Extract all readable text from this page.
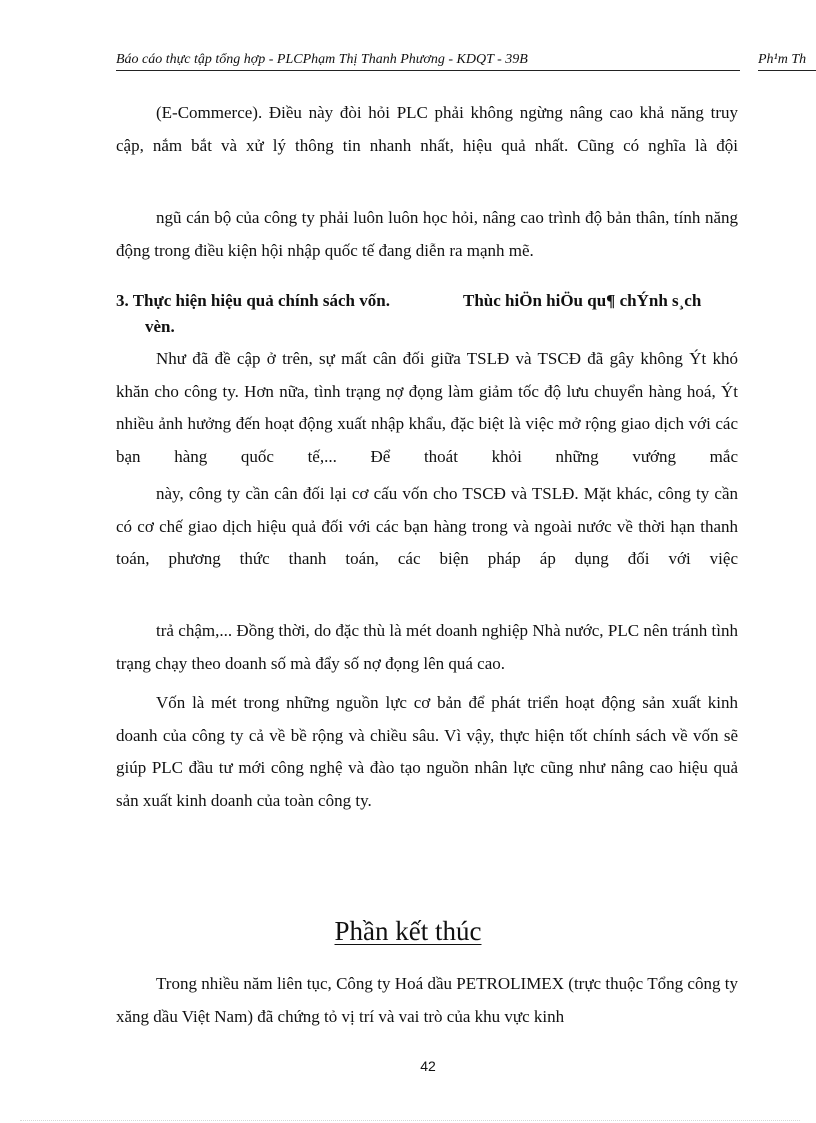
Báo cáo thực tập tổng hợp - PLCPhạm Thị Thanh Phương - KDQT - 39B	Ph¹m Th
(E-Commerce). Điều này đòi hỏi PLC phải không ngừng nâng cao khả năng truy cập, nắm bắt và xử lý thông tin nhanh nhất, hiệu quả nhất. Cũng có nghĩa là đội
ngũ cán bộ của công ty phải luôn luôn học hỏi, nâng cao trình độ bản thân, tính năng động trong điều kiện hội nhập quốc tế đang diễn ra mạnh mẽ.
3. Thực hiện hiệu quả chính sách vốn.	Thùc hiÖn hiÖu qu¶ chÝnh s¸ch
vèn.
Như đã đề cập ở trên, sự mất cân đối giữa TSLĐ và TSCĐ đã gây không Ýt khó khăn cho công ty. Hơn nữa, tình trạng nợ đọng làm giảm tốc độ lưu chuyển hàng hoá, Ýt nhiều ảnh hưởng đến hoạt động xuất nhập khẩu, đặc biệt là việc mở rộng giao dịch với các bạn hàng quốc tế,... Để thoát khỏi những vướng mắc
này, công ty cần cân đối lại cơ cấu vốn cho TSCĐ và TSLĐ. Mặt khác, công ty cần có cơ chế giao dịch hiệu quả đối với các bạn hàng trong và ngoài nước về thời hạn thanh toán, phương thức thanh toán, các biện pháp áp dụng đối với việc
trả chậm,... Đồng thời, do đặc thù là mét doanh nghiệp Nhà nước, PLC nên tránh tình trạng chạy theo doanh số mà đẩy số nợ đọng lên quá cao.
Vốn là mét trong những nguồn lực cơ bản để phát triển hoạt động sản xuất kinh doanh của công ty cả về bề rộng và chiều sâu. Vì vậy, thực hiện tốt chính sách về vốn sẽ giúp PLC đầu tư mới công nghệ và đào tạo nguồn nhân lực cũng như nâng cao hiệu quả sản xuất kinh doanh của toàn công ty.
Phần kết thúc
Trong nhiều năm liên tục, Công ty Hoá dầu PETROLIMEX (trực thuộc Tổng công ty xăng dầu Việt Nam) đã chứng tỏ vị trí và vai trò của khu vực kinh
42
